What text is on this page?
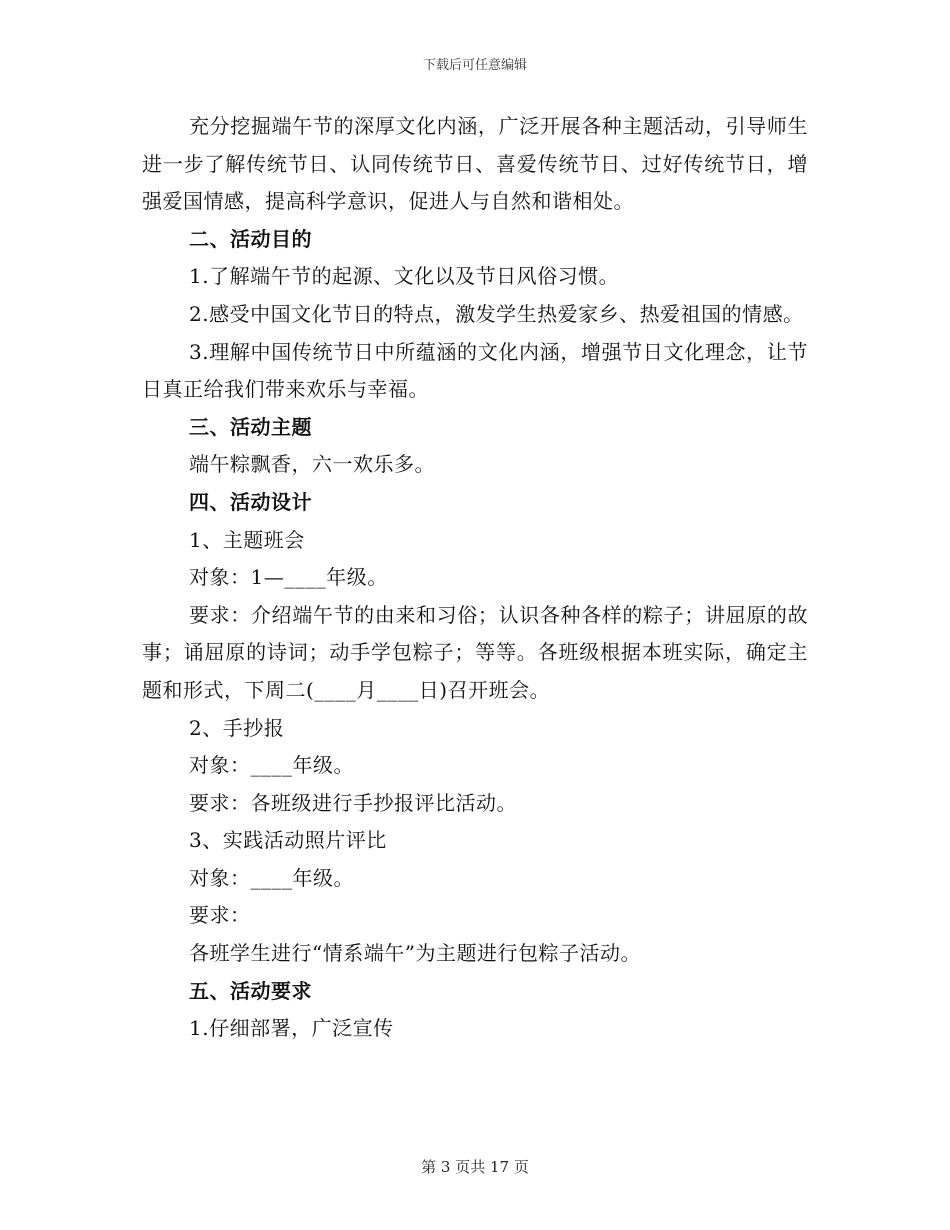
下载后可任意编辑

充分挖掘端午节的深厚文化内涵，广泛开展各种主题活动，引导师生进一步了解传统节日、认同传统节日、喜爱传统节日、过好传统节日，增强爱国情感，提高科学意识，促进人与自然和谐相处。

二、活动目的

1.了解端午节的起源、文化以及节日风俗习惯。

2.感受中国文化节日的特点，激发学生热爱家乡、热爱祖国的情感。

3.理解中国传统节日中所蕴涵的文化内涵，增强节日文化理念，让节日真正给我们带来欢乐与幸福。

三、活动主题

端午粽飘香，六一欢乐多。

四、活动设计

1、主题班会

对象：1—____年级。

要求：介绍端午节的由来和习俗；认识各种各样的粽子；讲屈原的故事；诵屈原的诗词；动手学包粽子；等等。各班级根据本班实际，确定主题和形式，下周二(____月____日)召开班会。

2、手抄报

对象：____年级。

要求：各班级进行手抄报评比活动。

3、实践活动照片评比

对象：____年级。

要求：

各班学生进行“情系端午”为主题进行包粽子活动。

五、活动要求

1.仔细部署，广泛宣传

第 3 页共 17 页
